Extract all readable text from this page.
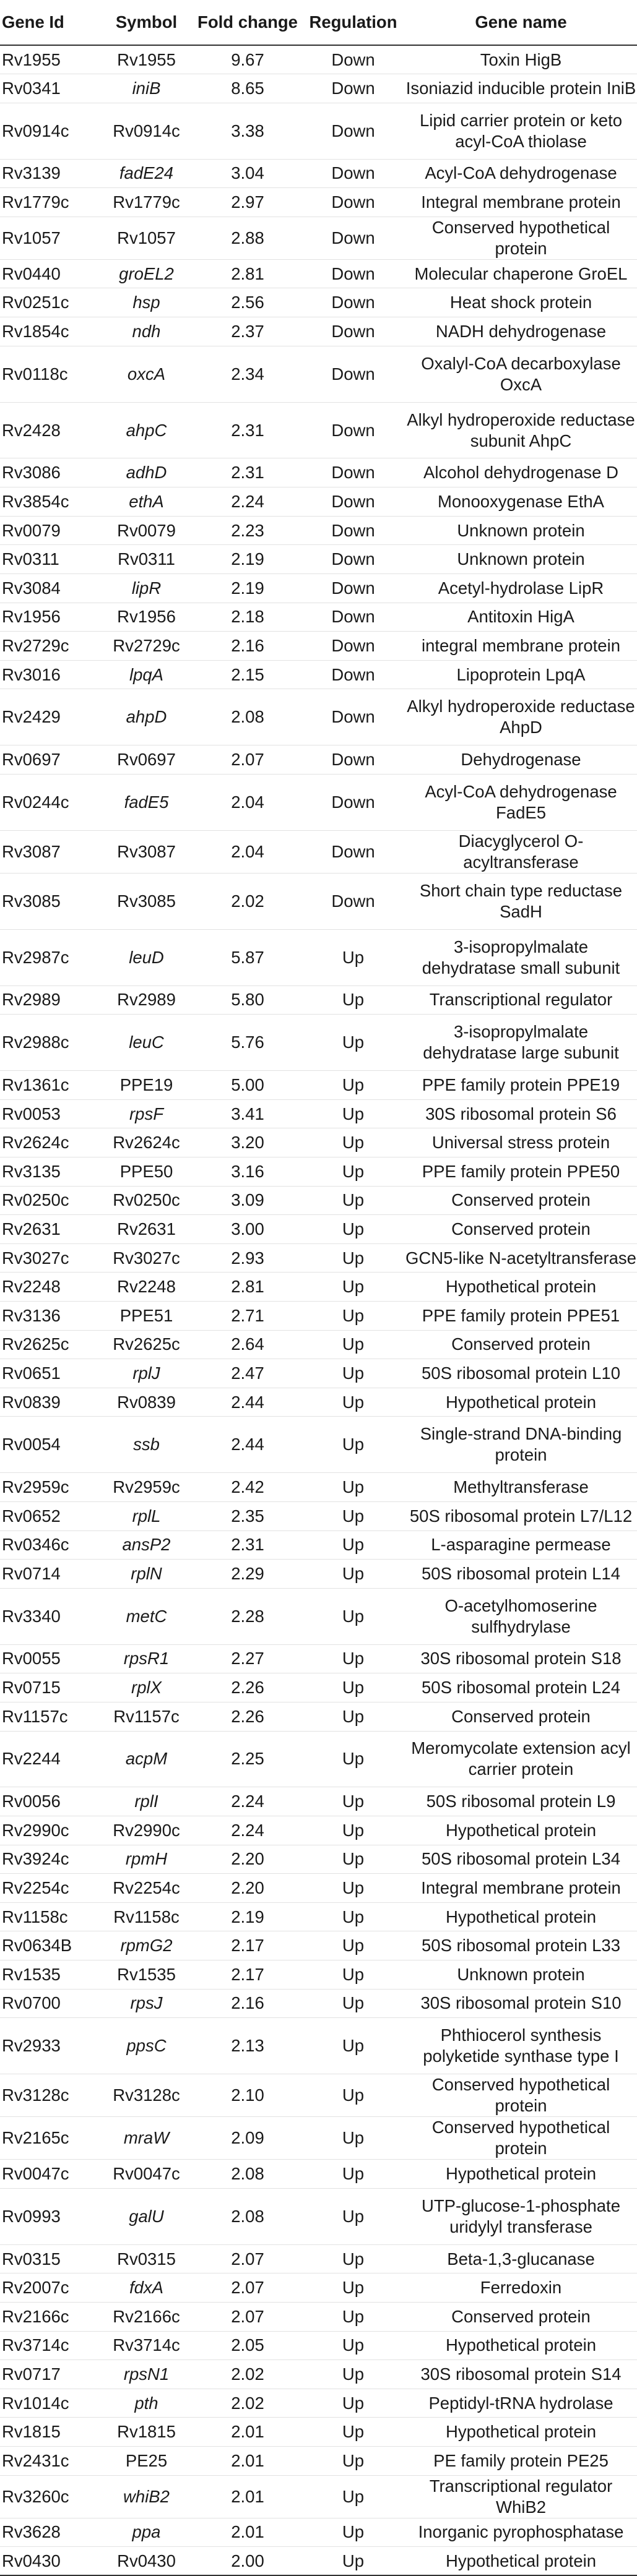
Gene Id	Symbol	Fold change	Regulation	Gene name
Rv1955	Rv1955	9.67	Down	Toxin HigB
Rv0341	iniB	8.65	Down	Isoniazid inducible protein IniB
Rv0914c	Rv0914c	3.38	Down	Lipid carrier protein or keto acyl-CoA thiolase
Rv3139	fadE24	3.04	Down	Acyl-CoA dehydrogenase
Rv1779c	Rv1779c	2.97	Down	Integral membrane protein
Rv1057	Rv1057	2.88	Down	Conserved hypothetical protein
Rv0440	groEL2	2.81	Down	Molecular chaperone GroEL
Rv0251c	hsp	2.56	Down	Heat shock protein
Rv1854c	ndh	2.37	Down	NADH dehydrogenase
Rv0118c	oxcA	2.34	Down	Oxalyl-CoA decarboxylase OxcA
Rv2428	ahpC	2.31	Down	Alkyl hydroperoxide reductase subunit AhpC
Rv3086	adhD	2.31	Down	Alcohol dehydrogenase D
Rv3854c	ethA	2.24	Down	Monooxygenase EthA
Rv0079	Rv0079	2.23	Down	Unknown protein
Rv0311	Rv0311	2.19	Down	Unknown protein
Rv3084	lipR	2.19	Down	Acetyl-hydrolase LipR
Rv1956	Rv1956	2.18	Down	Antitoxin HigA
Rv2729c	Rv2729c	2.16	Down	integral membrane protein
Rv3016	lpqA	2.15	Down	Lipoprotein LpqA
Rv2429	ahpD	2.08	Down	Alkyl hydroperoxide reductase AhpD
Rv0697	Rv0697	2.07	Down	Dehydrogenase
Rv0244c	fadE5	2.04	Down	Acyl-CoA dehydrogenase FadE5
Rv3087	Rv3087	2.04	Down	Diacyglycerol O-acyltransferase
Rv3085	Rv3085	2.02	Down	Short chain type reductase SadH
Rv2987c	leuD	5.87	Up	3-isopropylmalate dehydratase small subunit
Rv2989	Rv2989	5.80	Up	Transcriptional regulator
Rv2988c	leuC	5.76	Up	3-isopropylmalate dehydratase large subunit
Rv1361c	PPE19	5.00	Up	PPE family protein PPE19
Rv0053	rpsF	3.41	Up	30S ribosomal protein S6
Rv2624c	Rv2624c	3.20	Up	Universal stress protein
Rv3135	PPE50	3.16	Up	PPE family protein PPE50
Rv0250c	Rv0250c	3.09	Up	Conserved protein
Rv2631	Rv2631	3.00	Up	Conserved protein
Rv3027c	Rv3027c	2.93	Up	GCN5-like N-acetyltransferase
Rv2248	Rv2248	2.81	Up	Hypothetical protein
Rv3136	PPE51	2.71	Up	PPE family protein PPE51
Rv2625c	Rv2625c	2.64	Up	Conserved protein
Rv0651	rplJ	2.47	Up	50S ribosomal protein L10
Rv0839	Rv0839	2.44	Up	Hypothetical protein
Rv0054	ssb	2.44	Up	Single-strand DNA-binding protein
Rv2959c	Rv2959c	2.42	Up	Methyltransferase
Rv0652	rplL	2.35	Up	50S ribosomal protein L7/L12
Rv0346c	ansP2	2.31	Up	L-asparagine permease
Rv0714	rplN	2.29	Up	50S ribosomal protein L14
Rv3340	metC	2.28	Up	O-acetylhomoserine sulfhydrylase
Rv0055	rpsR1	2.27	Up	30S ribosomal protein S18
Rv0715	rplX	2.26	Up	50S ribosomal protein L24
Rv1157c	Rv1157c	2.26	Up	Conserved protein
Rv2244	acpM	2.25	Up	Meromycolate extension acyl carrier protein
Rv0056	rplI	2.24	Up	50S ribosomal protein L9
Rv2990c	Rv2990c	2.24	Up	Hypothetical protein
Rv3924c	rpmH	2.20	Up	50S ribosomal protein L34
Rv2254c	Rv2254c	2.20	Up	Integral membrane protein
Rv1158c	Rv1158c	2.19	Up	Hypothetical protein
Rv0634B	rpmG2	2.17	Up	50S ribosomal protein L33
Rv1535	Rv1535	2.17	Up	Unknown protein
Rv0700	rpsJ	2.16	Up	30S ribosomal protein S10
Rv2933	ppsC	2.13	Up	Phthiocerol synthesis polyketide synthase type I
Rv3128c	Rv3128c	2.10	Up	Conserved hypothetical protein
Rv2165c	mraW	2.09	Up	Conserved hypothetical protein
Rv0047c	Rv0047c	2.08	Up	Hypothetical protein
Rv0993	galU	2.08	Up	UTP-glucose-1-phosphate uridylyl transferase
Rv0315	Rv0315	2.07	Up	Beta-1,3-glucanase
Rv2007c	fdxA	2.07	Up	Ferredoxin
Rv2166c	Rv2166c	2.07	Up	Conserved protein
Rv3714c	Rv3714c	2.05	Up	Hypothetical protein
Rv0717	rpsN1	2.02	Up	30S ribosomal protein S14
Rv1014c	pth	2.02	Up	Peptidyl-tRNA hydrolase
Rv1815	Rv1815	2.01	Up	Hypothetical protein
Rv2431c	PE25	2.01	Up	PE family protein PE25
Rv3260c	whiB2	2.01	Up	Transcriptional regulator WhiB2
Rv3628	ppa	2.01	Up	Inorganic pyrophosphatase
Rv0430	Rv0430	2.00	Up	Hypothetical protein
